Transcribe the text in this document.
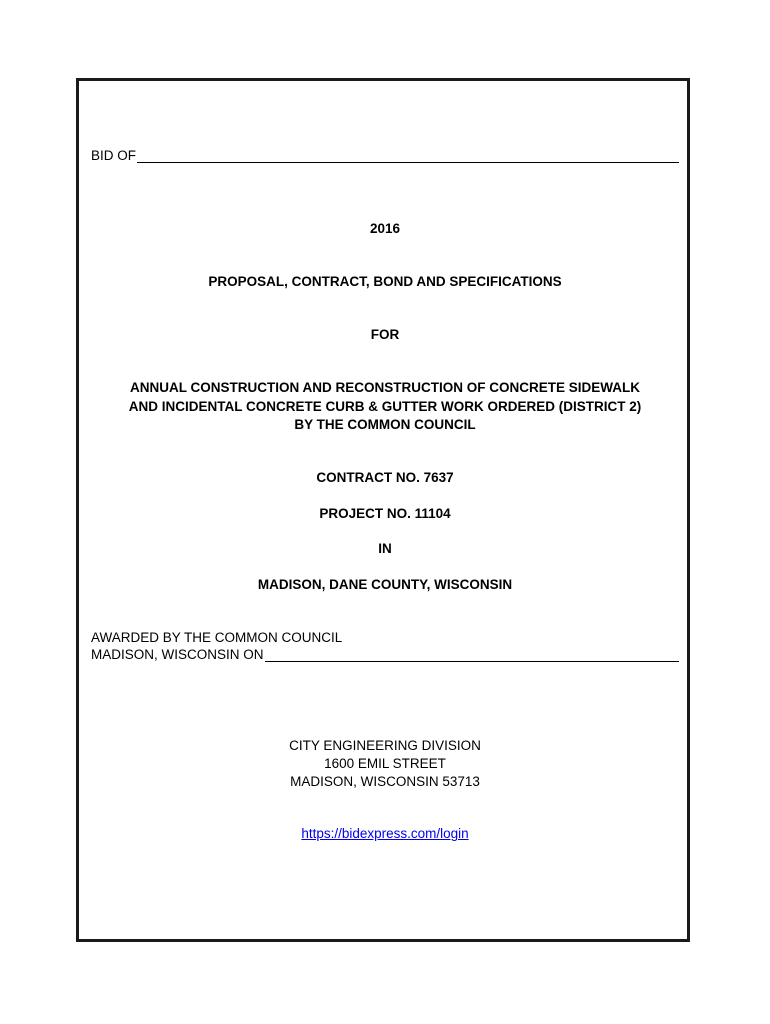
BID OF
2016
PROPOSAL, CONTRACT, BOND AND SPECIFICATIONS
FOR
ANNUAL CONSTRUCTION AND RECONSTRUCTION OF CONCRETE SIDEWALK
AND INCIDENTAL CONCRETE CURB & GUTTER WORK ORDERED (DISTRICT 2)
BY THE COMMON COUNCIL
CONTRACT NO. 7637
PROJECT NO. 11104
IN
MADISON, DANE COUNTY, WISCONSIN
AWARDED BY THE COMMON COUNCIL
MADISON, WISCONSIN ON
CITY ENGINEERING DIVISION
1600 EMIL STREET
MADISON, WISCONSIN 53713
https://bidexpress.com/login
